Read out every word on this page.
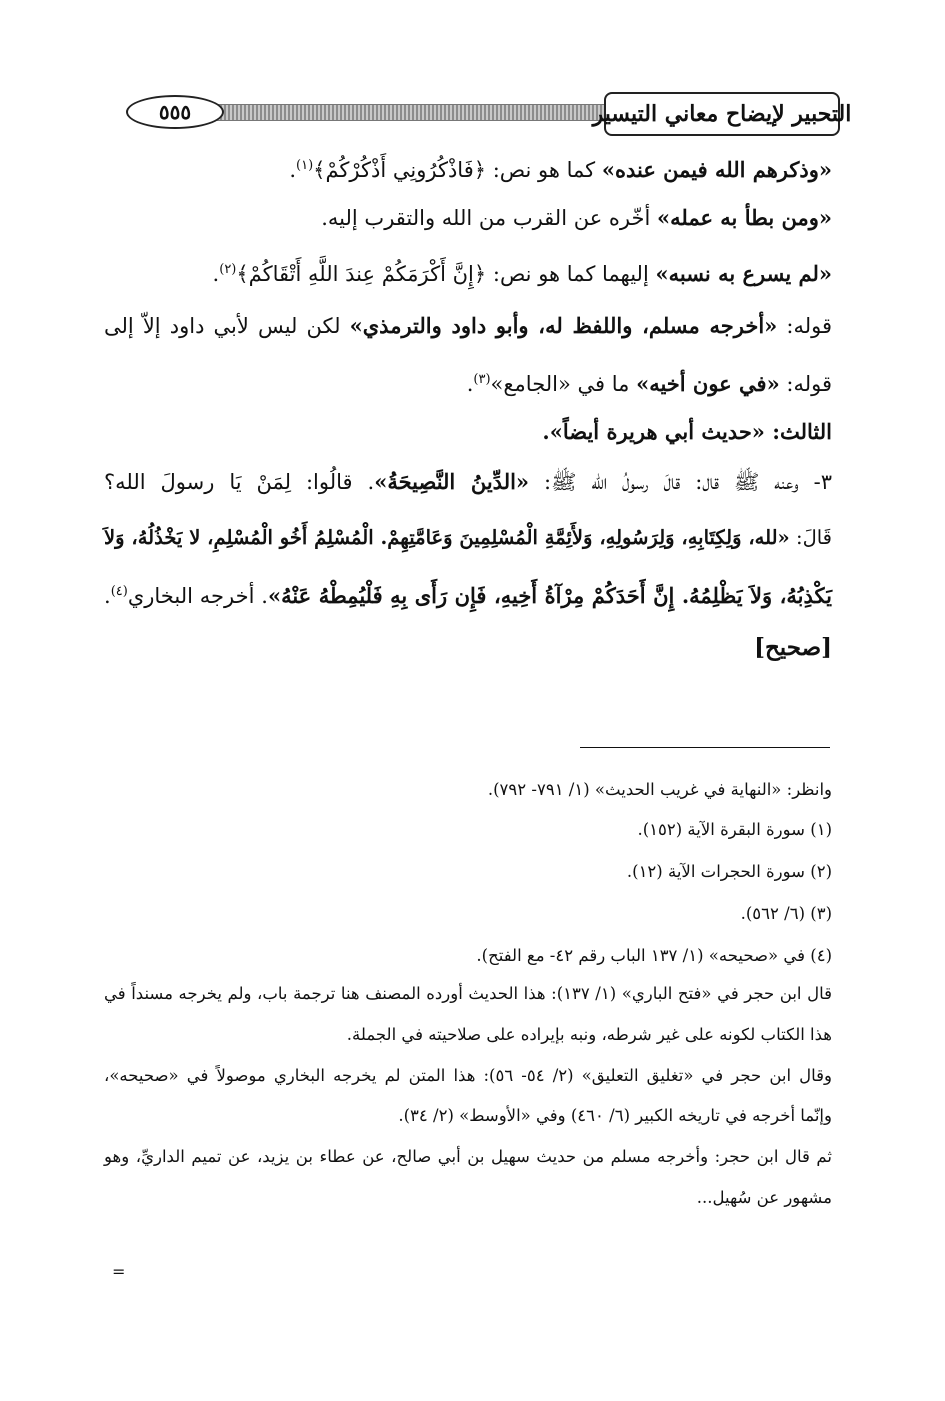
٥٥٥	التحبير لإيضاح معاني التيسير
«وذكرهم الله فيمن عنده» كما هو نص: ﴿فَاذْكُرُونِي أَذْكُرْكُمْ﴾$^{(١)}$.
«ومن بطأ به عمله» أخّره عن القرب من الله والتقرب إليه.
«لم يسرع به نسبه» إليهما كما هو نص: ﴿إِنَّ أَكْرَمَكُمْ عِندَ اللَّهِ أَتْقَاكُمْ﴾$^{(٢)}$.
قوله: «أخرجه مسلم، واللفظ له، وأبو داود والترمذي» لكن ليس لأبي داود إلاّ إلى
قوله: «في عون أخيه» ما في «الجامع»$^{(٣)}$.
الثالث: «حديث أبي هريرة أيضاً».
٣- وعنه ﷺ قال: قالَ رسولُ الله ﷺ: «الدِّينُ النَّصِيحَةُ». قالُوا: لِمَنْ يَا رسولَ الله؟
قَالَ: «لله، وَلِكِتَابِهِ، وَلِرَسُولِهِ، وَلأَئِمَّةِ الْمُسْلِمِينَ وَعَامَّتِهِمْ. الْمُسْلِمُ أَخُو الْمُسْلِمِ، لا يَخْذُلُهُ، وَلاَ
يَكْذِبُهُ، وَلاَ يَظْلِمُهُ. إِنَّ أَحَدَكُمْ مِرْآةُ أَخِيهِ، فَإِن رَأَى بِهِ فَلْيُمِطْهُ عَنْهُ». أخرجه البخاري$^{(٤)}$.
[صحيح]
وانظر: «النهاية في غريب الحديث» (١/ ٧٩١- ٧٩٢).
(١) سورة البقرة الآية (١٥٢).
(٢) سورة الحجرات الآية (١٢).
(٣) (٦/ ٥٦٢).
(٤) في «صحيحه» (١/ ١٣٧ الباب رقم ٤٢- مع الفتح).
قال ابن حجر في «فتح الباري» (١/ ١٣٧): هذا الحديث أورده المصنف هنا ترجمة باب، ولم يخرجه مسنداً في
هذا الكتاب لكونه على غير شرطه، ونبه بإيراده على صلاحيته في الجملة.
وقال ابن حجر في «تغليق التعليق» (٢/ ٥٤- ٥٦): هذا المتن لم يخرجه البخاري موصولاً في «صحيحه»،
وإنّما أخرجه في تاريخه الكبير (٦/ ٤٦٠) وفي «الأوسط» (٢/ ٣٤).
ثم قال ابن حجر: وأخرجه مسلم من حديث سهيل بن أبي صالح، عن عطاء بن يزيد، عن تميم الداريِّ، وهو
مشهور عن سُهيل...
=
